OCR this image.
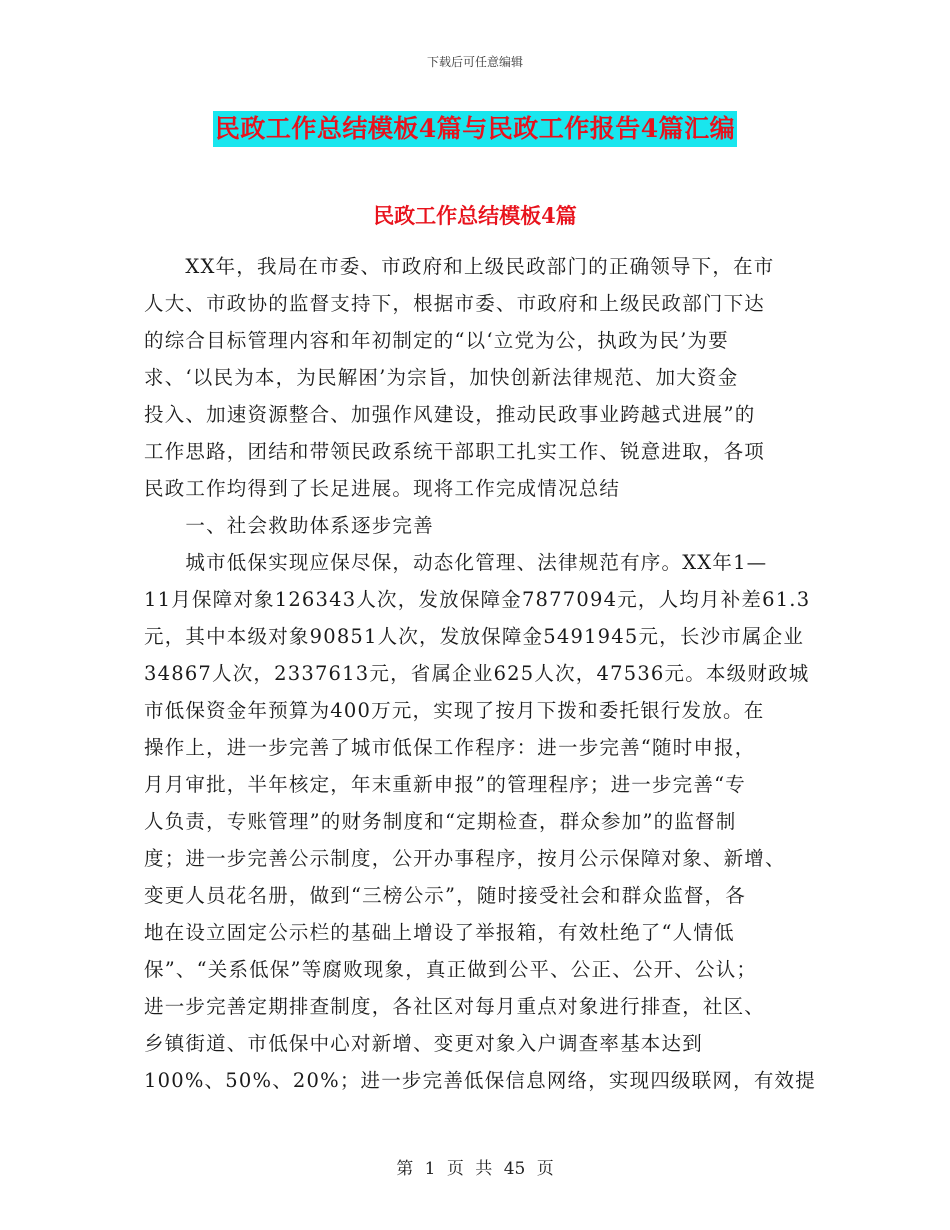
下载后可任意编辑
民政工作总结模板4篇与民政工作报告4篇汇编
民政工作总结模板4篇
　　XX年，我局在市委、市政府和上级民政部门的正确领导下，在市
人大、市政协的监督支持下，根据市委、市政府和上级民政部门下达
的综合目标管理内容和年初制定的“以‘立党为公，执政为民’为要
求、‘以民为本，为民解困’为宗旨，加快创新法律规范、加大资金
投入、加速资源整合、加强作风建设，推动民政事业跨越式进展”的
工作思路，团结和带领民政系统干部职工扎实工作、锐意进取，各项
民政工作均得到了长足进展。现将工作完成情况总结
　　一、社会救助体系逐步完善
　　城市低保实现应保尽保，动态化管理、法律规范有序。XX年1—
11月保障对象126343人次，发放保障金7877094元，人均月补差61.3
元，其中本级对象90851人次，发放保障金5491945元，长沙市属企业
34867人次，2337613元，省属企业625人次，47536元。本级财政城
市低保资金年预算为400万元，实现了按月下拨和委托银行发放。在
操作上，进一步完善了城市低保工作程序：进一步完善“随时申报，
月月审批，半年核定，年末重新申报”的管理程序；进一步完善“专
人负责，专账管理”的财务制度和“定期检查，群众参加”的监督制
度；进一步完善公示制度，公开办事程序，按月公示保障对象、新增、
变更人员花名册，做到“三榜公示”，随时接受社会和群众监督，各
地在设立固定公示栏的基础上增设了举报箱，有效杜绝了“人情低
保”、“关系低保”等腐败现象，真正做到公平、公正、公开、公认；
进一步完善定期排查制度，各社区对每月重点对象进行排查，社区、
乡镇街道、市低保中心对新增、变更对象入户调查率基本达到
100%、50%、20%；进一步完善低保信息网络，实现四级联网，有效提
第 1 页 共 45 页
